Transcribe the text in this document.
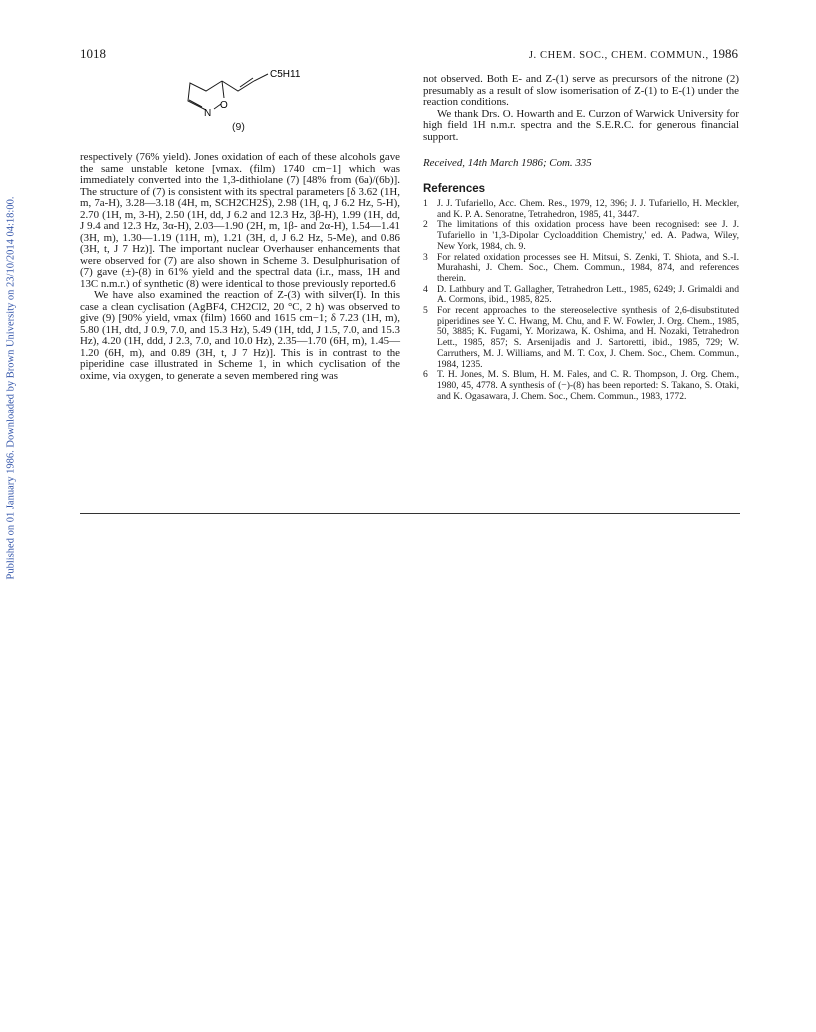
1018	J. CHEM. SOC., CHEM. COMMUN., 1986
Published on 01 January 1986. Downloaded by Brown University on 23/10/2014 04:18:00.
O
N
C5H11
(9)

respectively (76% yield). Jones oxidation of each of these alcohols gave the same unstable ketone [νmax. (film) 1740 cm−1] which was immediately converted into the 1,3-dithiolane (7) [48% from (6a)/(6b)]. The structure of (7) is consistent with its spectral parameters [δ 3.62 (1H, m, 7a-H), 3.28—3.18 (4H, m, SCH2CH2S), 2.98 (1H, q, J 6.2 Hz, 5-H), 2.70 (1H, m, 3-H), 2.50 (1H, dd, J 6.2 and 12.3 Hz, 3β-H), 1.99 (1H, dd, J 9.4 and 12.3 Hz, 3α-H), 2.03—1.90 (2H, m, 1β- and 2α-H), 1.54—1.41 (3H, m), 1.30—1.19 (11H, m), 1.21 (3H, d, J 6.2 Hz, 5-Me), and 0.86 (3H, t, J 7 Hz)]. The important nuclear Overhauser enhancements that were observed for (7) are also shown in Scheme 3. Desulphurisation of (7) gave (±)-(8) in 61% yield and the spectral data (i.r., mass, 1H and 13C n.m.r.) of synthetic (8) were identical to those previously reported.6

We have also examined the reaction of Z-(3) with silver(I). In this case a clean cyclisation (AgBF4, CH2Cl2, 20 °C, 2 h) was observed to give (9) [90% yield, νmax (film) 1660 and 1615 cm−1; δ 7.23 (1H, m), 5.80 (1H, dtd, J 0.9, 7.0, and 15.3 Hz), 5.49 (1H, tdd, J 1.5, 7.0, and 15.3 Hz), 4.20 (1H, ddd, J 2.3, 7.0, and 10.0 Hz), 2.35—1.70 (6H, m), 1.45—1.20 (6H, m), and 0.89 (3H, t, J 7 Hz)]. This is in contrast to the piperidine case illustrated in Scheme 1, in which cyclisation of the oxime, via oxygen, to generate a seven membered ring was

not observed. Both E- and Z-(1) serve as precursors of the nitrone (2) presumably as a result of slow isomerisation of Z-(1) to E-(1) under the reaction conditions.

We thank Drs. O. Howarth and E. Curzon of Warwick University for high field 1H n.m.r. spectra and the S.E.R.C. for generous financial support.

Received, 14th March 1986; Com. 335

References
1 J. J. Tufariello, Acc. Chem. Res., 1979, 12, 396; J. J. Tufariello, H. Meckler, and K. P. A. Senoratne, Tetrahedron, 1985, 41, 3447.
2 The limitations of this oxidation process have been recognised: see J. J. Tufariello in '1,3-Dipolar Cycloaddition Chemistry,' ed. A. Padwa, Wiley, New York, 1984, ch. 9.
3 For related oxidation processes see H. Mitsui, S. Zenki, T. Shiota, and S.-I. Murahashi, J. Chem. Soc., Chem. Commun., 1984, 874, and references therein.
4 D. Lathbury and T. Gallagher, Tetrahedron Lett., 1985, 6249; J. Grimaldi and A. Cormons, ibid., 1985, 825.
5 For recent approaches to the stereoselective synthesis of 2,6-disubstituted piperidines see Y. C. Hwang, M. Chu, and F. W. Fowler, J. Org. Chem., 1985, 50, 3885; K. Fugami, Y. Morizawa, K. Oshima, and H. Nozaki, Tetrahedron Lett., 1985, 857; S. Arsenijadis and J. Sartoretti, ibid., 1985, 729; W. Carruthers, M. J. Williams, and M. T. Cox, J. Chem. Soc., Chem. Commun., 1984, 1235.
6 T. H. Jones, M. S. Blum, H. M. Fales, and C. R. Thompson, J. Org. Chem., 1980, 45, 4778. A synthesis of (−)-(8) has been reported: S. Takano, S. Otaki, and K. Ogasawara, J. Chem. Soc., Chem. Commun., 1983, 1772.
